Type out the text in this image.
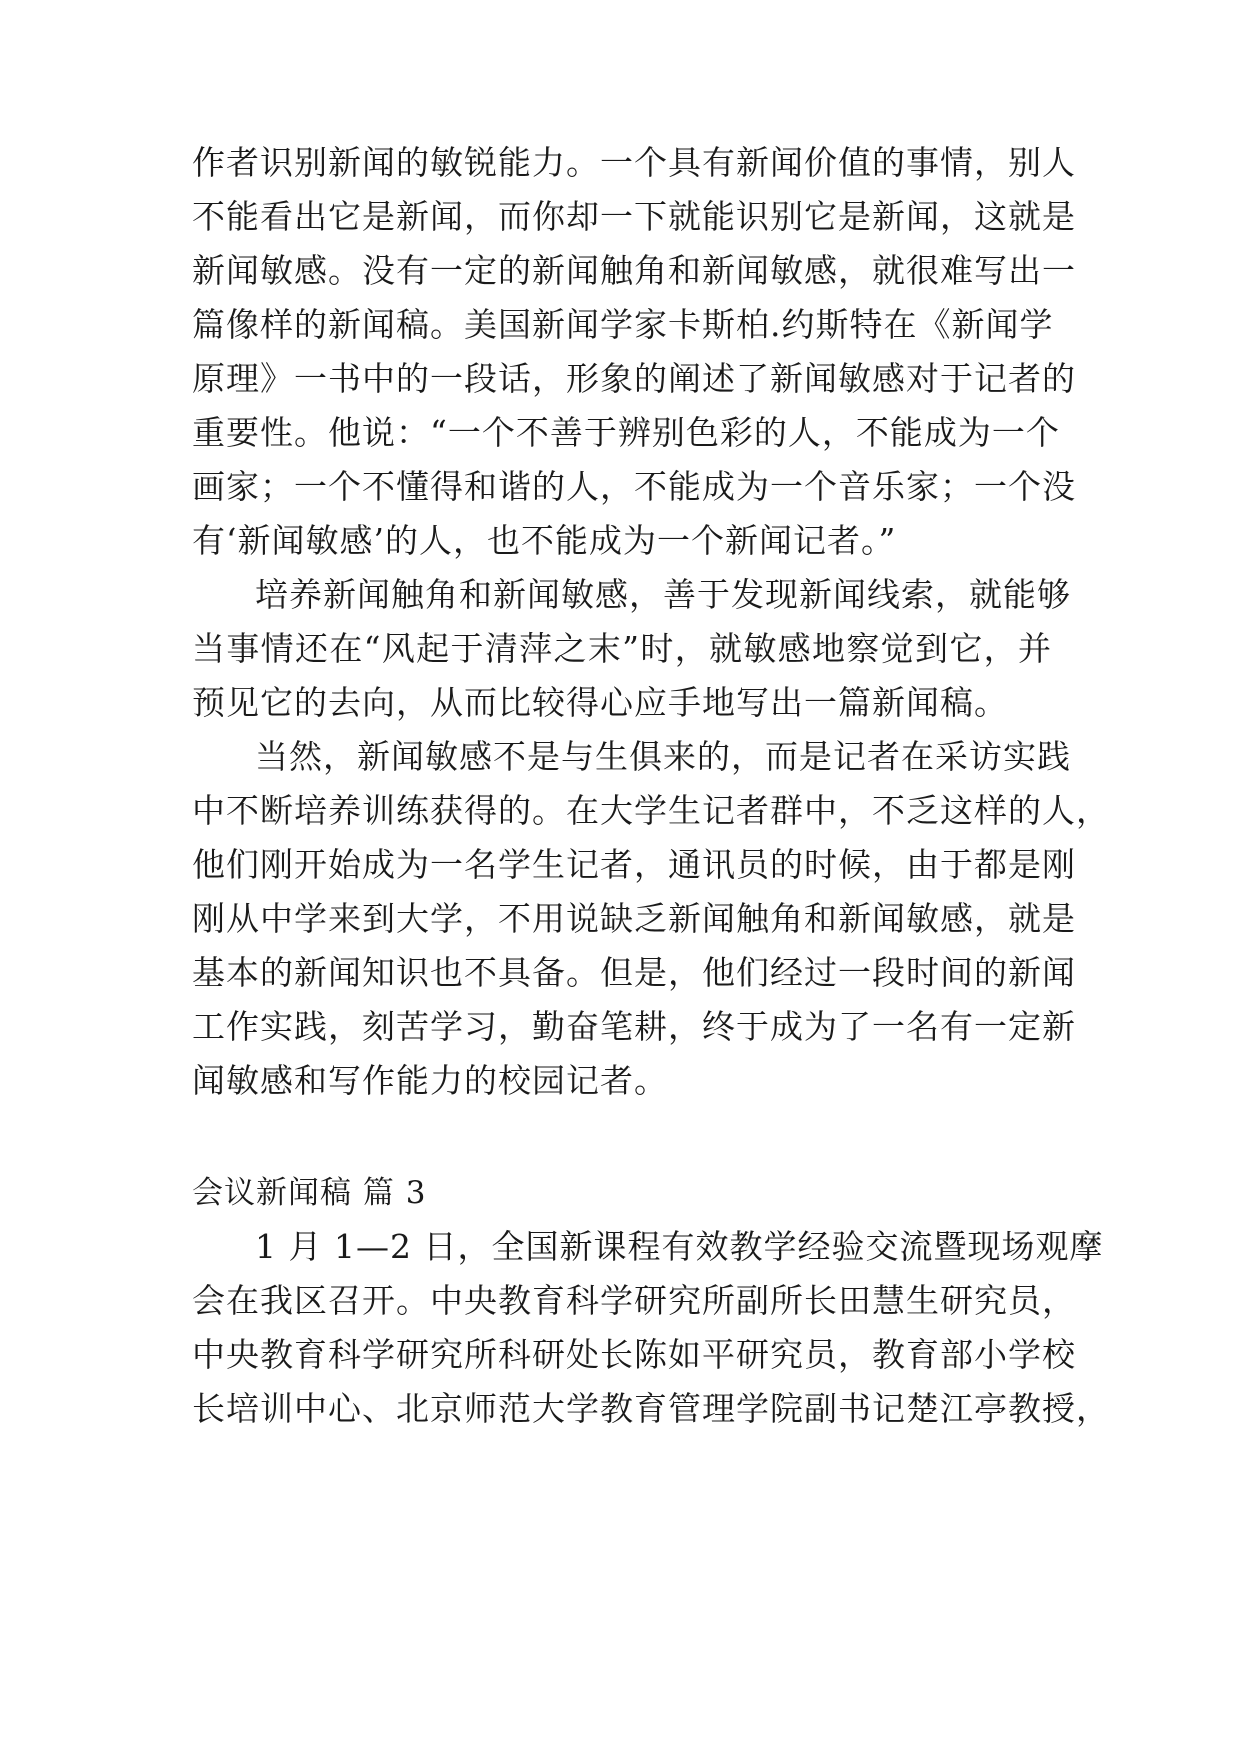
作者识别新闻的敏锐能力。一个具有新闻价值的事情，别人
不能看出它是新闻，而你却一下就能识别它是新闻，这就是
新闻敏感。没有一定的新闻触角和新闻敏感，就很难写出一
篇像样的新闻稿。美国新闻学家卡斯柏.约斯特在《新闻学
原理》一书中的一段话，形象的阐述了新闻敏感对于记者的
重要性。他说：“一个不善于辨别色彩的人，不能成为一个
画家；一个不懂得和谐的人，不能成为一个音乐家；一个没
有‘新闻敏感’的人，也不能成为一个新闻记者。”
培养新闻触角和新闻敏感，善于发现新闻线索，就能够
当事情还在“风起于清萍之末”时，就敏感地察觉到它，并
预见它的去向，从而比较得心应手地写出一篇新闻稿。
当然，新闻敏感不是与生俱来的，而是记者在采访实践
中不断培养训练获得的。在大学生记者群中，不乏这样的人，
他们刚开始成为一名学生记者，通讯员的时候，由于都是刚
刚从中学来到大学，不用说缺乏新闻触角和新闻敏感，就是
基本的新闻知识也不具备。但是，他们经过一段时间的新闻
工作实践，刻苦学习，勤奋笔耕，终于成为了一名有一定新
闻敏感和写作能力的校园记者。
会议新闻稿 篇 3
1 月 1—2 日，全国新课程有效教学经验交流暨现场观摩
会在我区召开。中央教育科学研究所副所长田慧生研究员，
中央教育科学研究所科研处长陈如平研究员，教育部小学校
长培训中心、北京师范大学教育管理学院副书记楚江亭教授，
